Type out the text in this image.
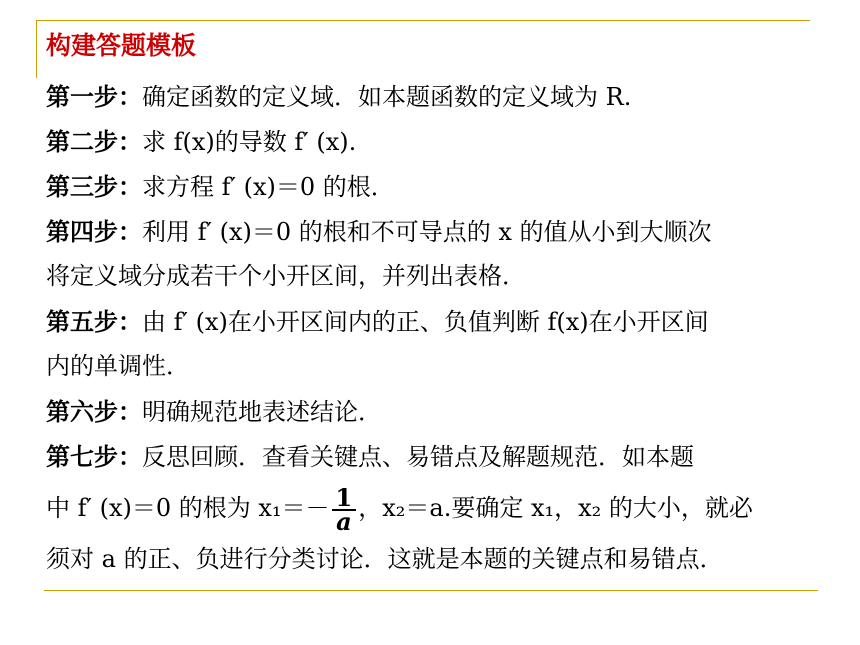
构建答题模板
第一步：确定函数的定义域．如本题函数的定义域为 R.
第二步：求 f(x)的导数 f′ (x).
第三步：求方程 f′ (x)＝0 的根．
第四步：利用 f′ (x)＝0 的根和不可导点的 x 的值从小到大顺次
将定义域分成若干个小开区间，并列出表格．
第五步：由 f′ (x)在小开区间内的正、负值判断 f(x)在小开区间
内的单调性．
第六步：明确规范地表述结论．
第七步：反思回顾．查看关键点、易错点及解题规范．如本题
中 f′ (x)＝0 的根为 $x_1=- \frac{1}{a}$ ，x₂＝a.要确定 x₁，x₂ 的大小，就必
须对 a 的正、负进行分类讨论．这就是本题的关键点和易错点．
